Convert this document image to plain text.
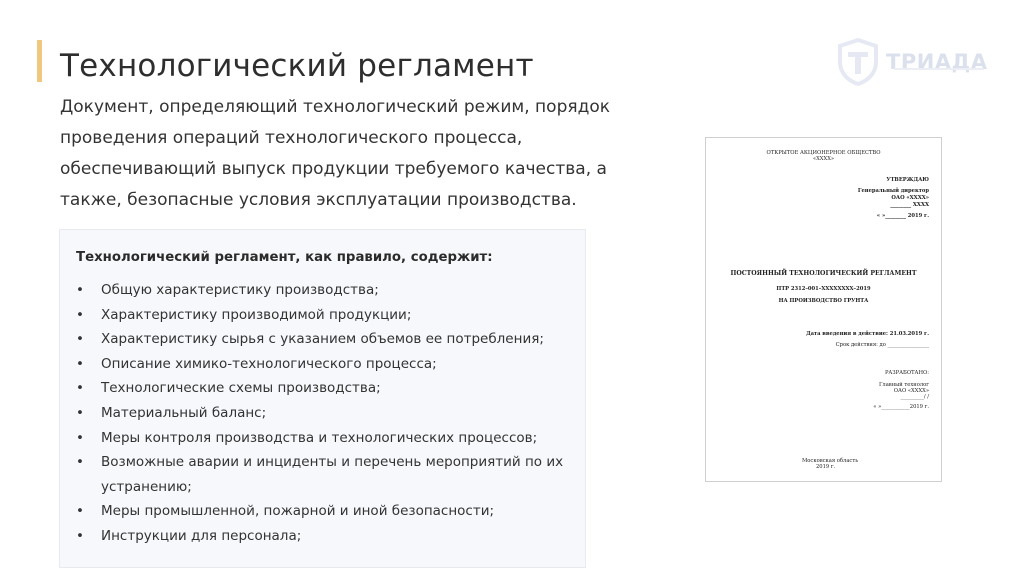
Технологический регламент
Документ, определяющий технологический режим, порядок
проведения операций технологического процесса,
обеспечивающий выпуск продукции требуемого качества, а
также, безопасные условия эксплуатации производства.
Технологический регламент, как правило, содержит:
• Общую характеристику производства;
• Характеристику производимой продукции;
• Характеристику сырья с указанием объемов ее потребления;
• Описание химико-технологического процесса;
• Технологические схемы производства;
• Материальный баланс;
• Меры контроля производства и технологических процессов;
• Возможные аварии и инциденты и перечень мероприятий по их устранению;
• Меры промышленной, пожарной и иной безопасности;
• Инструкции для персонала;
ТРИАДА
ОТКРЫТОЕ АКЦИОНЕРНОЕ ОБЩЕСТВО
«ХХХХ»
УТВЕРЖДАЮ
Генеральный директор
ОАО «ХХХХ»
________ ХХХХ
« »________ 2019 г.
ПОСТОЯННЫЙ ТЕХНОЛОГИЧЕСКИЙ РЕГЛАМЕНТ
ПТР 2312–001–XXXXXXXX–2019
НА ПРОИЗВОДСТВО ГРУНТА
Дата введения в действие: 21.03.2019 г.
Срок действия: до ________________
РАЗРАБОТАНО:
Главный технолог
ОАО «ХХХХ»
_________/ /
« »___________2019 г.
Московская область
2019 г.
